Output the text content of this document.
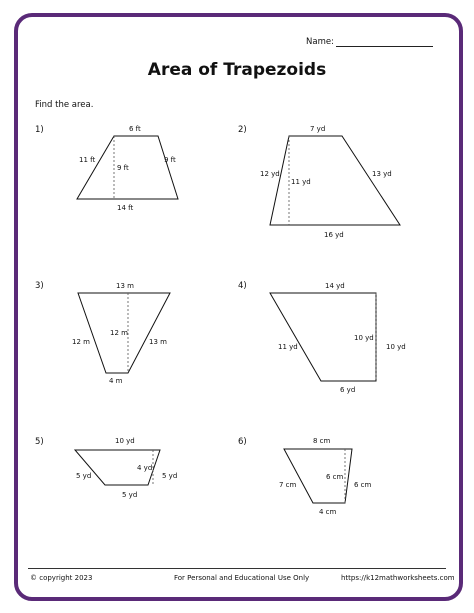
Name:
Area of Trapezoids
Find the area.
1)	6 ft
11 ft
9 ft
9 ft
14 ft
2)	7 yd
12 yd
11 yd
13 yd
16 yd
3)	13 m
12 m
12 m
13 m
4 m
4)	14 yd
11 yd
10 yd
10 yd
6 yd
5)	10 yd
5 yd
4 yd
5 yd
5 yd
6)	8 cm
7 cm
6 cm
6 cm
4 cm
© copyright 2023	For Personal and Educational Use Only	https://k12mathworksheets.com
